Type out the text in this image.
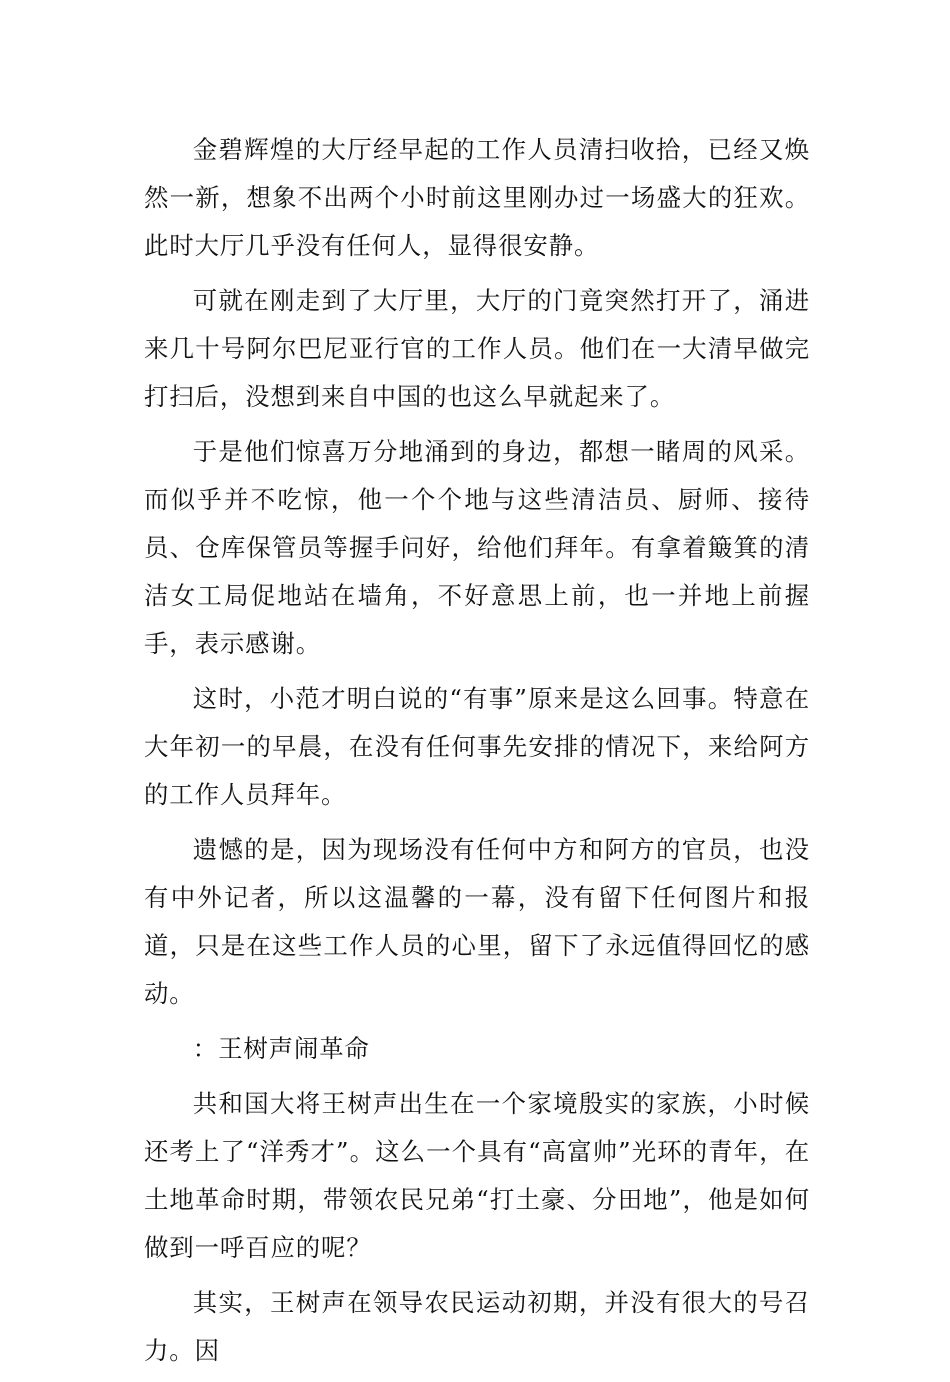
金碧辉煌的大厅经早起的工作人员清扫收拾，已经又焕然一新，想象不出两个小时前这里刚办过一场盛大的狂欢。此时大厅几乎没有任何人，显得很安静。

可就在刚走到了大厅里，大厅的门竟突然打开了，涌进来几十号阿尔巴尼亚行官的工作人员。他们在一大清早做完打扫后，没想到来自中国的也这么早就起来了。

于是他们惊喜万分地涌到的身边，都想一睹周的风采。而似乎并不吃惊，他一个个地与这些清洁员、厨师、接待员、仓库保管员等握手问好，给他们拜年。有拿着簸箕的清洁女工局促地站在墙角，不好意思上前，也一并地上前握手，表示感谢。

这时，小范才明白说的“有事”原来是这么回事。特意在大年初一的早晨，在没有任何事先安排的情况下，来给阿方的工作人员拜年。

遗憾的是，因为现场没有任何中方和阿方的官员，也没有中外记者，所以这温馨的一幕，没有留下任何图片和报道，只是在这些工作人员的心里，留下了永远值得回忆的感动。

：王树声闹革命

共和国大将王树声出生在一个家境殷实的家族，小时候还考上了“洋秀才”。这么一个具有“高富帅”光环的青年，在土地革命时期，带领农民兄弟“打土豪、分田地”，他是如何做到一呼百应的呢？

其实，王树声在领导农民运动初期，并没有很大的号召力。因
